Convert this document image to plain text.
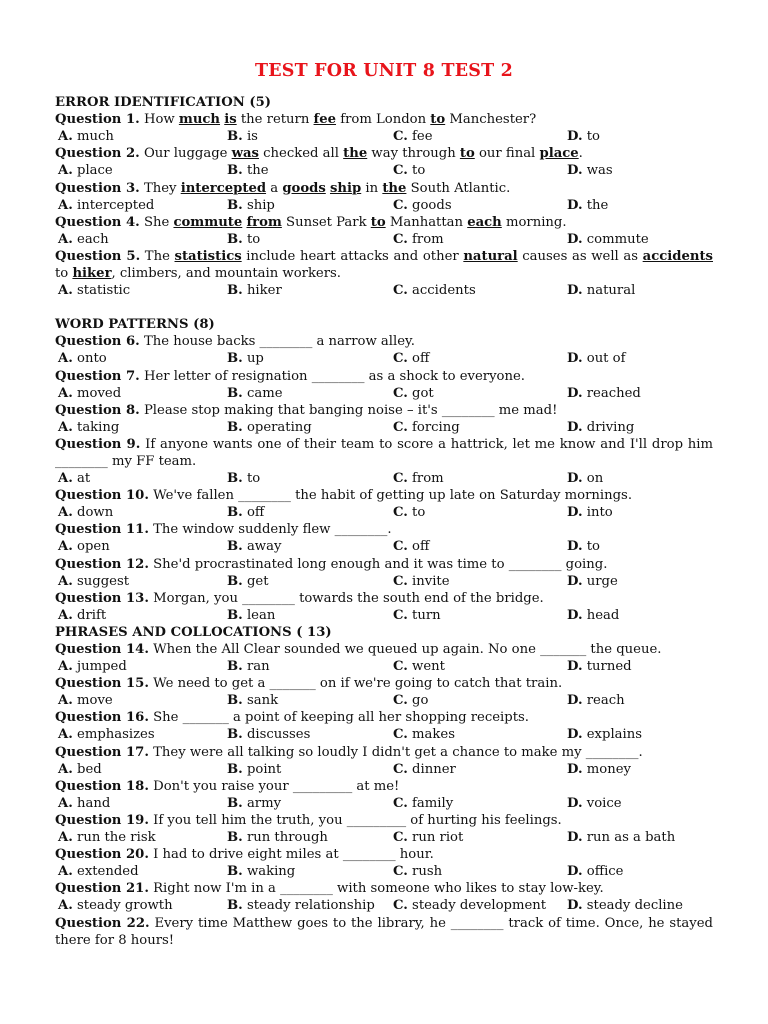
TEST FOR UNIT 8 TEST 2
ERROR IDENTIFICATION (5)
Question 1. How much is the return fee from London to Manchester?
A. much	B. is	C. fee	D. to
Question 2. Our luggage was checked all the way through to our final place.
A. place	B. the	C. to	D. was
Question 3. They intercepted a goods ship in the South Atlantic.
A. intercepted	B. ship	C. goods	D. the
Question 4. She commute from Sunset Park to Manhattan each morning.
A. each	B. to	C. from	D. commute
Question 5. The statistics include heart attacks and other natural causes as well as accidents to hiker, climbers, and mountain workers.
A. statistic	B. hiker	C. accidents	D. natural
WORD PATTERNS (8)
Question 6. The house backs ________ a narrow alley.
A. onto	B. up	C. off	D. out of
Question 7. Her letter of resignation ________ as a shock to everyone.
A. moved	B. came	C. got	D. reached
Question 8. Please stop making that banging noise – it's ________ me mad!
A. taking	B. operating	C. forcing	D. driving
Question 9. If anyone wants one of their team to score a hattrick, let me know and I'll drop him ________ my FF team.
A. at	B. to	C. from	D. on
Question 10. We've fallen ________ the habit of getting up late on Saturday mornings.
A. down	B. off	C. to	D. into
Question 11. The window suddenly flew ________.
A. open	B. away	C. off	D. to
Question 12. She'd procrastinated long enough and it was time to ________ going.
A. suggest	B. get	C. invite	D. urge
Question 13. Morgan, you ________ towards the south end of the bridge.
A. drift	B. lean	C. turn	D. head
PHRASES AND COLLOCATIONS ( 13)
Question 14. When the All Clear sounded we queued up again. No one _______ the queue.
A. jumped	B. ran	C. went	D. turned
Question 15. We need to get a _______ on if we're going to catch that train.
A. move	B. sank	C. go	D. reach
Question 16. She _______ a point of keeping all her shopping receipts.
A. emphasizes	B. discusses	C. makes	D. explains
Question 17. They were all talking so loudly I didn't get a chance to make my ________.
A. bed	B. point	C. dinner	D. money
Question 18. Don't you raise your _________ at me!
A. hand	B. army	C. family	D. voice
Question 19. If you tell him the truth, you _________ of hurting his feelings.
A. run the risk	B. run through	C. run riot	D. run as a bath
Question 20. I had to drive eight miles at ________ hour.
A. extended	B. waking	C. rush	D. office
Question 21. Right now I'm in a ________ with someone who likes to stay low-key.
A. steady growth	B. steady relationship C. steady development D. steady decline
Question 22. Every time Matthew goes to the library, he ________ track of time. Once, he stayed there for 8 hours!
